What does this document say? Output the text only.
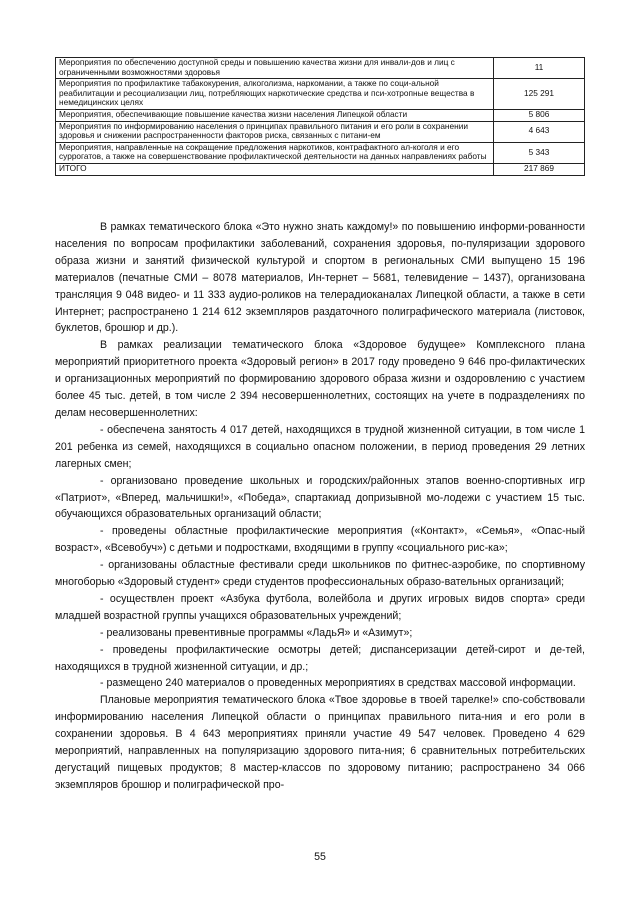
Мероприятия по обеспечению доступной среды и повышению качества жизни для инвали-дов и лиц с ограниченными возможностями здоровья	11
Мероприятия по профилактике табакокурения, алкоголизма, наркомании, а также по соци-альной реабилитации и ресоциализации лиц, потребляющих наркотические средства и пси-хотропные вещества в немедицинских целях	125 291
Мероприятия, обеспечивающие повышение качества жизни населения Липецкой области	5 806
Мероприятия по информированию населения о принципах правильного питания и его роли в сохранении здоровья и снижении распространенности факторов риска, связанных с питани-ем	4 643
Мероприятия, направленные на сокращение предложения наркотиков, контрафактного ал-коголя и его суррогатов, а также на совершенствование профилактической деятельности на данных направлениях работы	5 343
ИТОГО	217 869

В рамках тематического блока «Это нужно знать каждому!» по повышению информи-рованности населения по вопросам профилактики заболеваний, сохранения здоровья, по-пуляризации здорового образа жизни и занятий физической культурой и спортом в региональных СМИ выпущено 15 196 материалов (печатные СМИ – 8078 материалов, Ин-тернет – 5681, телевидение – 1437), организована трансляция 9 048 видео- и 11 333 аудио-роликов на телерадиоканалах Липецкой области, а также в сети Интернет; распространено 1 214 612 экземпляров раздаточного полиграфического материала (листовок, буклетов, брошюр и др.).

В рамках реализации тематического блока «Здоровое будущее» Комплексного плана мероприятий приоритетного проекта «Здоровый регион» в 2017 году проведено 9 646 про-филактических и организационных мероприятий по формированию здорового образа жизни и оздоровлению с участием более 45 тыс. детей, в том числе 2 394 несовершеннолетних, состоящих на учете в подразделениях по делам несовершеннолетних:

- обеспечена занятость 4 017 детей, находящихся в трудной жизненной ситуации, в том числе 1 201 ребенка из семей, находящихся в социально опасном положении, в период проведения 29 летних лагерных смен;

- организовано проведение школьных и городских/районных этапов военно-спортивных игр «Патриот», «Вперед, мальчишки!», «Победа», спартакиад допризывной мо-лодежи с участием 15 тыс. обучающихся образовательных организаций области;

- проведены областные профилактические мероприятия («Контакт», «Семья», «Опас-ный возраст», «Всевобуч») с детьми и подростками, входящими в группу «социального рис-ка»;

- организованы областные фестивали среди школьников по фитнес-аэробике, по спортивному многоборью «Здоровый студент» среди студентов профессиональных образо-вательных организаций;

- осуществлен проект «Азбука футбола, волейбола и других игровых видов спорта» среди младшей возрастной группы учащихся образовательных учреждений;

- реализованы превентивные программы «ЛадьЯ» и «Азимут»;

- проведены профилактические осмотры детей; диспансеризации детей-сирот и де-тей, находящихся в трудной жизненной ситуации, и др.;

- размещено 240 материалов о проведенных мероприятиях в средствах массовой информации.

Плановые мероприятия тематического блока «Твое здоровье в твоей тарелке!» спо-собствовали информированию населения Липецкой области о принципах правильного пита-ния и его роли в сохранении здоровья. В 4 643 мероприятиях приняли участие 49 547 человек. Проведено 4 629 мероприятий, направленных на популяризацию здорового пита-ния; 6 сравнительных потребительских дегустаций пищевых продуктов; 8 мастер-классов по здоровому питанию; распространено 34 066 экземпляров брошюр и полиграфической про-

55
